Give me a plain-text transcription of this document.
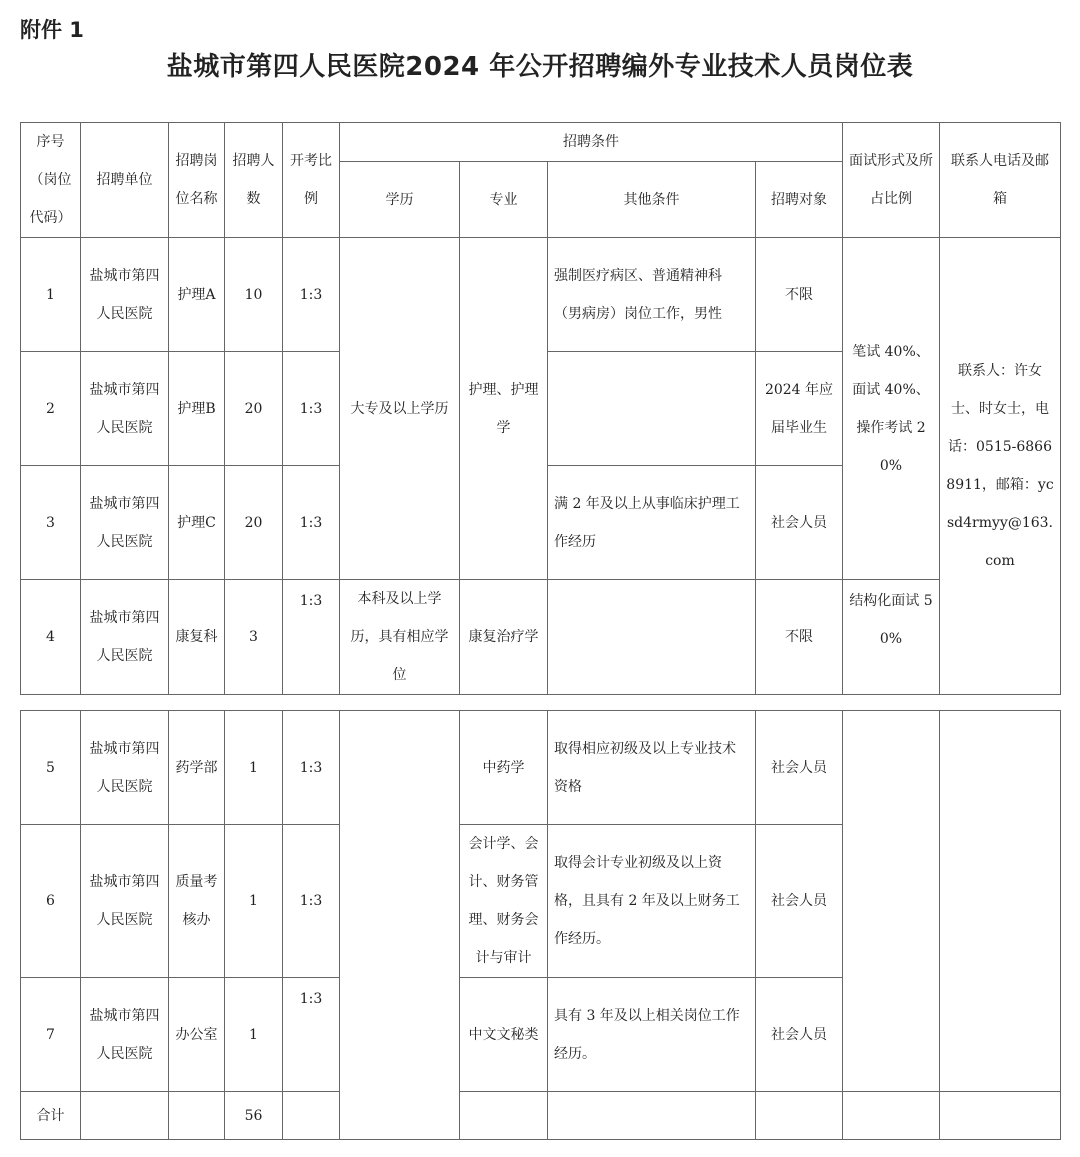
附件 1
盐城市第四人民医院2024 年公开招聘编外专业技术人员岗位表
序号（岗位代码）	招聘单位	招聘岗位名称	招聘人数	开考比例	招聘条件				面试形式及所占比例	联系人电话及邮箱
					学历	专业	其他条件	招聘对象		
1	盐城市第四人民医院	护理A	10	1:3	大专及以上学历	护理、护理学	强制医疗病区、普通精神科（男病房）岗位工作，男性	不限	笔试 40%、面试 40%、操作考试 20%	联系人：许女士、时女士，电话：0515-68668911，邮箱：ycsd4rmyy@163.com
2	盐城市第四人民医院	护理B	20	1:3				2024 年应届毕业生		
3	盐城市第四人民医院	护理C	20	1:3			满 2 年及以上从事临床护理工作经历	社会人员		
4	盐城市第四人民医院	康复科	3	1:3	本科及以上学历，具有相应学位	康复治疗学		不限	结构化面试 50%	
5	盐城市第四人民医院	药学部	1	1:3		中药学	取得相应初级及以上专业技术资格	社会人员		
6	盐城市第四人民医院	质量考核办	1	1:3		会计学、会计、财务管理、财务会计与审计	取得会计专业初级及以上资格，且具有 2 年及以上财务工作经历。	社会人员		
7	盐城市第四人民医院	办公室	1	1:3		中文文秘类	具有 3 年及以上相关岗位工作经历。	社会人员		
合计			56							
